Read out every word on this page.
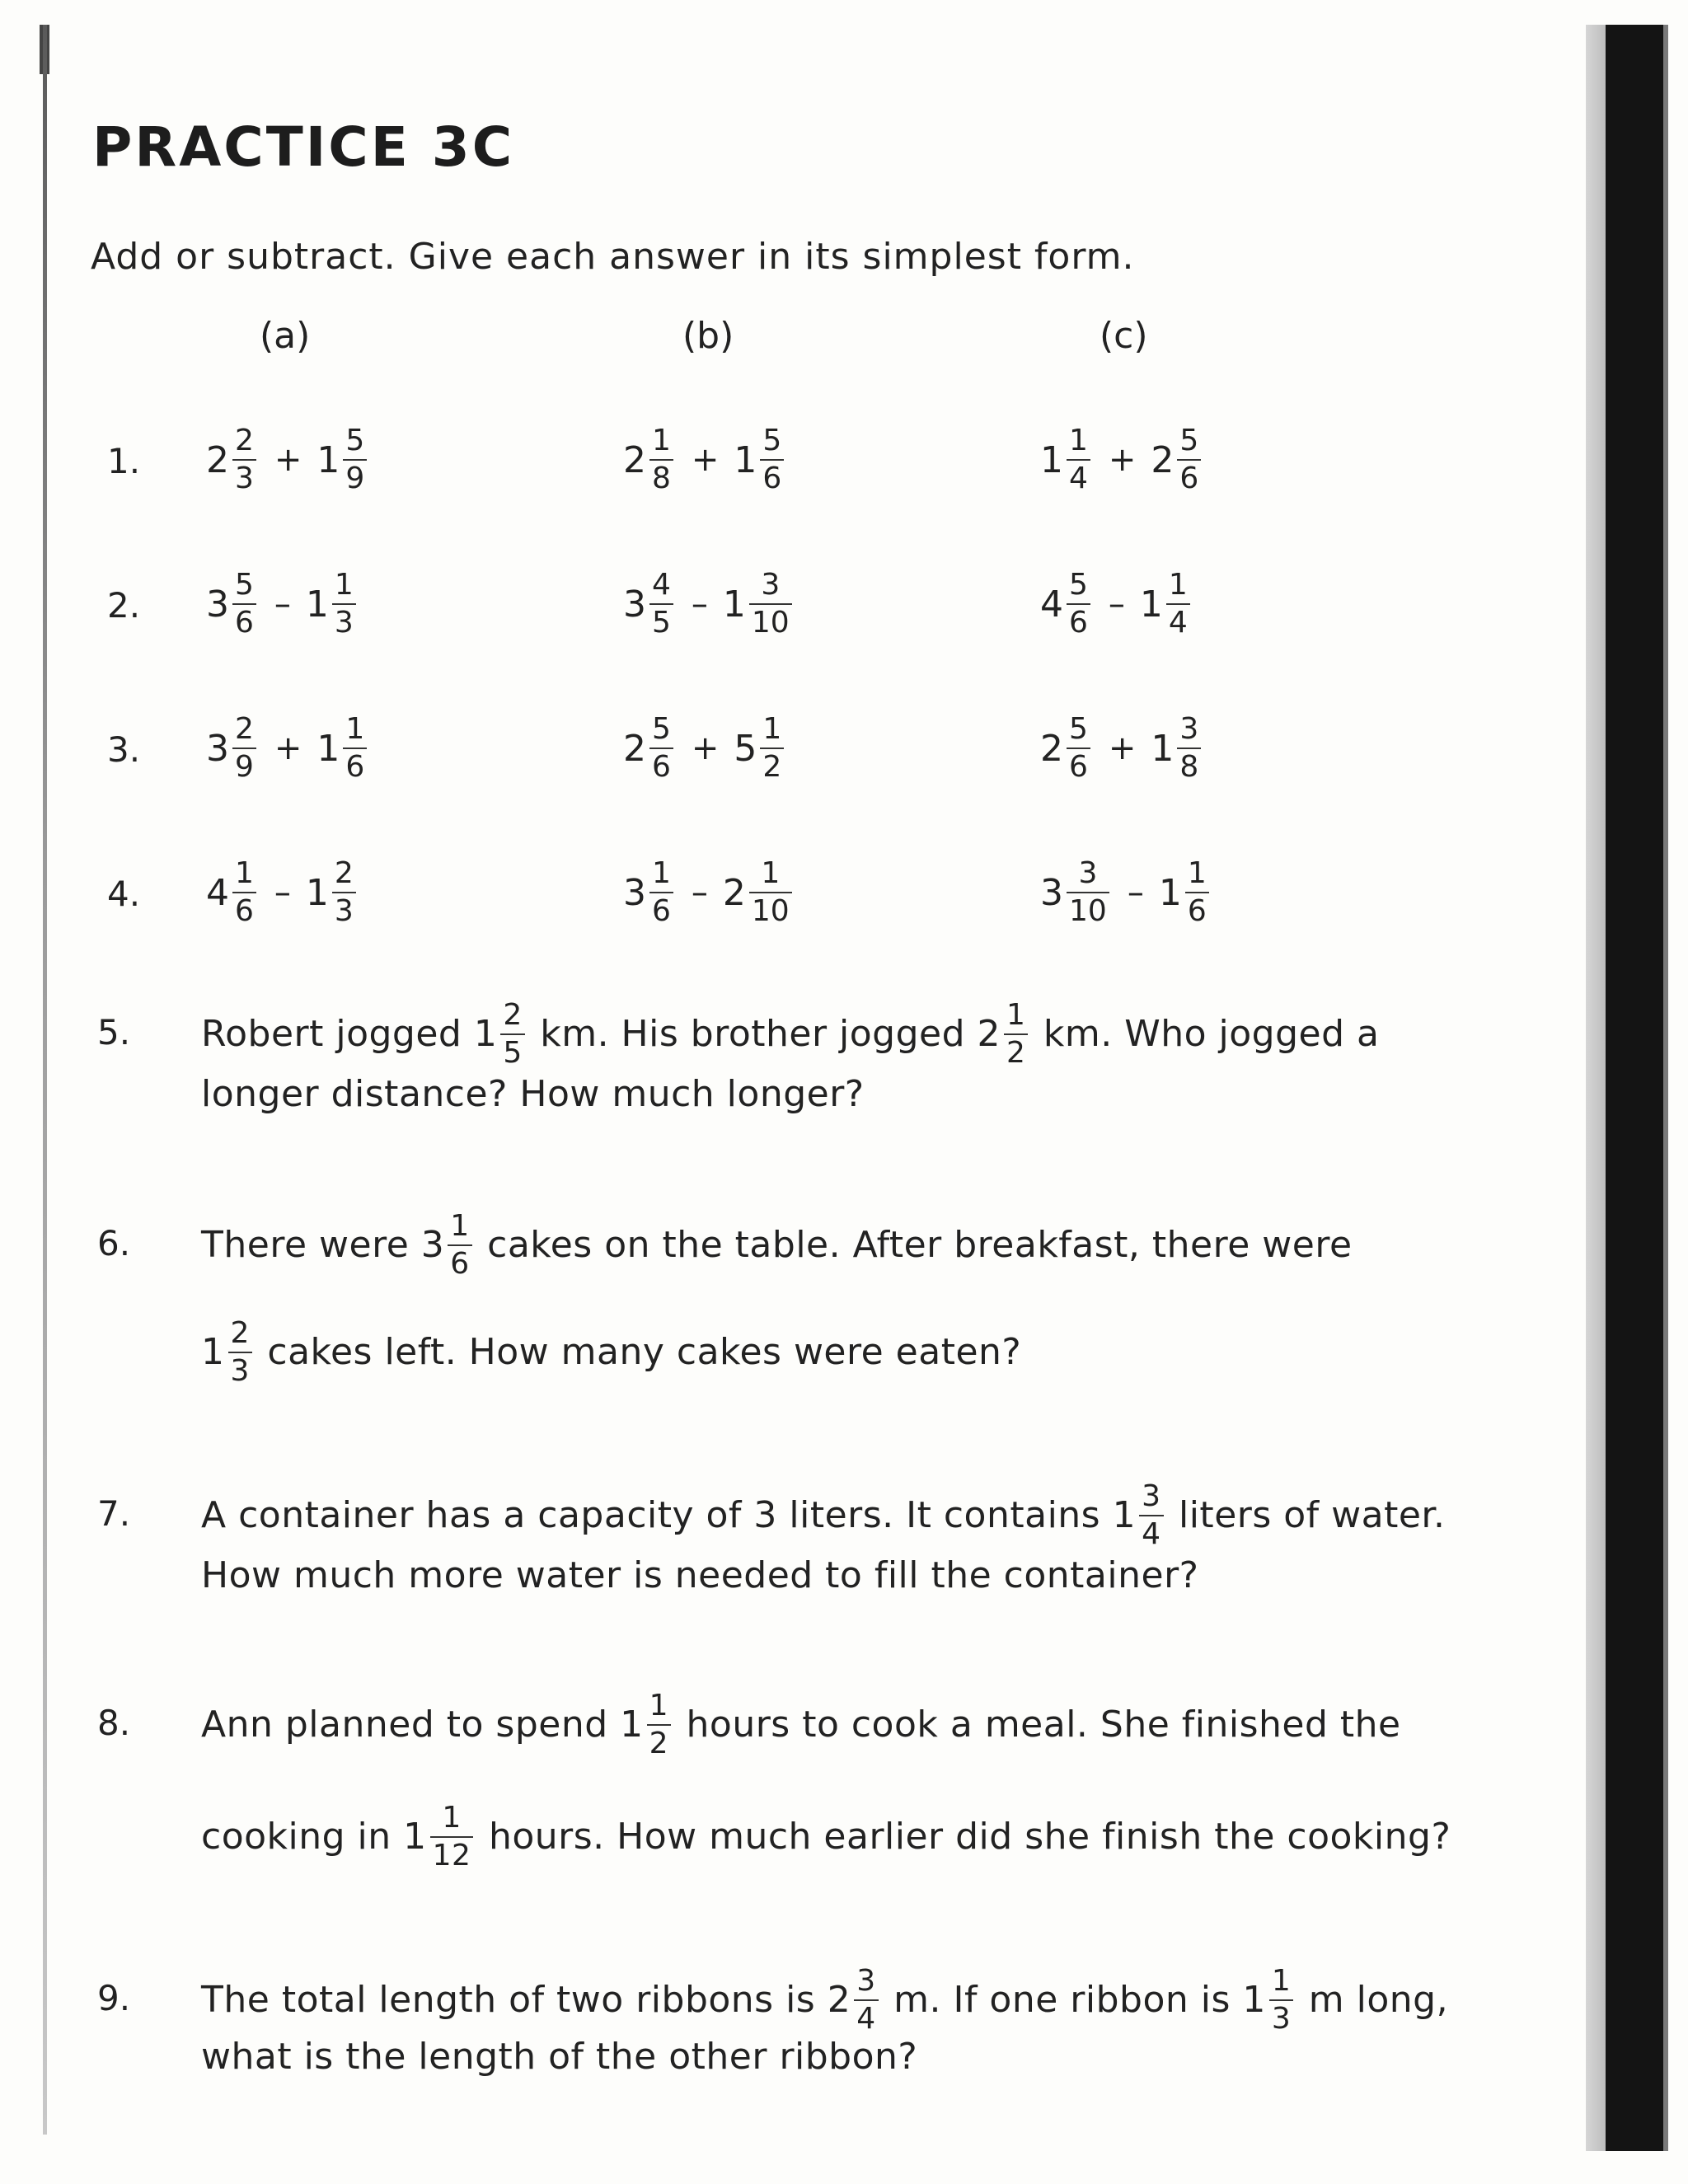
PRACTICE 3C
Add or subtract. Give each answer in its simplest form.
(a)	(b)	(c)
1. $2 \frac{2}{3} + 1 \frac{5}{9}$	$2 \frac{1}{8} + 1 \frac{5}{6}$	$1 \frac{1}{4} + 2 \frac{5}{6}$
2. $3 \frac{5}{6} - 1 \frac{1}{3}$	$3 \frac{4}{5} - 1 \frac{3}{10}$	$4 \frac{5}{6} - 1 \frac{1}{4}$
3. $3 \frac{2}{9} + 1 \frac{1}{6}$	$2 \frac{5}{6} + 5 \frac{1}{2}$	$2 \frac{5}{6} + 1 \frac{3}{8}$
4. $4 \frac{1}{6} - 1 \frac{2}{3}$	$3 \frac{1}{6} - 2 \frac{1}{10}$	$3 \frac{3}{10} - 1 \frac{1}{6}$
5. Robert jogged $1 \frac{2}{5}$ km. His brother jogged $2 \frac{1}{2}$ km. Who jogged a
longer distance? How much longer?
6. There were $3 \frac{1}{6}$ cakes on the table. After breakfast, there were
$1 \frac{2}{3}$ cakes left. How many cakes were eaten?
7. A container has a capacity of 3 liters. It contains $1 \frac{3}{4}$ liters of water.
How much more water is needed to fill the container?
8. Ann planned to spend $1 \frac{1}{2}$ hours to cook a meal. She finished the
cooking in $1 \frac{1}{12}$ hours. How much earlier did she finish the cooking?
9. The total length of two ribbons is $2 \frac{3}{4} m$. If one ribbon is $1 \frac{1}{3}$ m long,
what is the length of the other ribbon?
